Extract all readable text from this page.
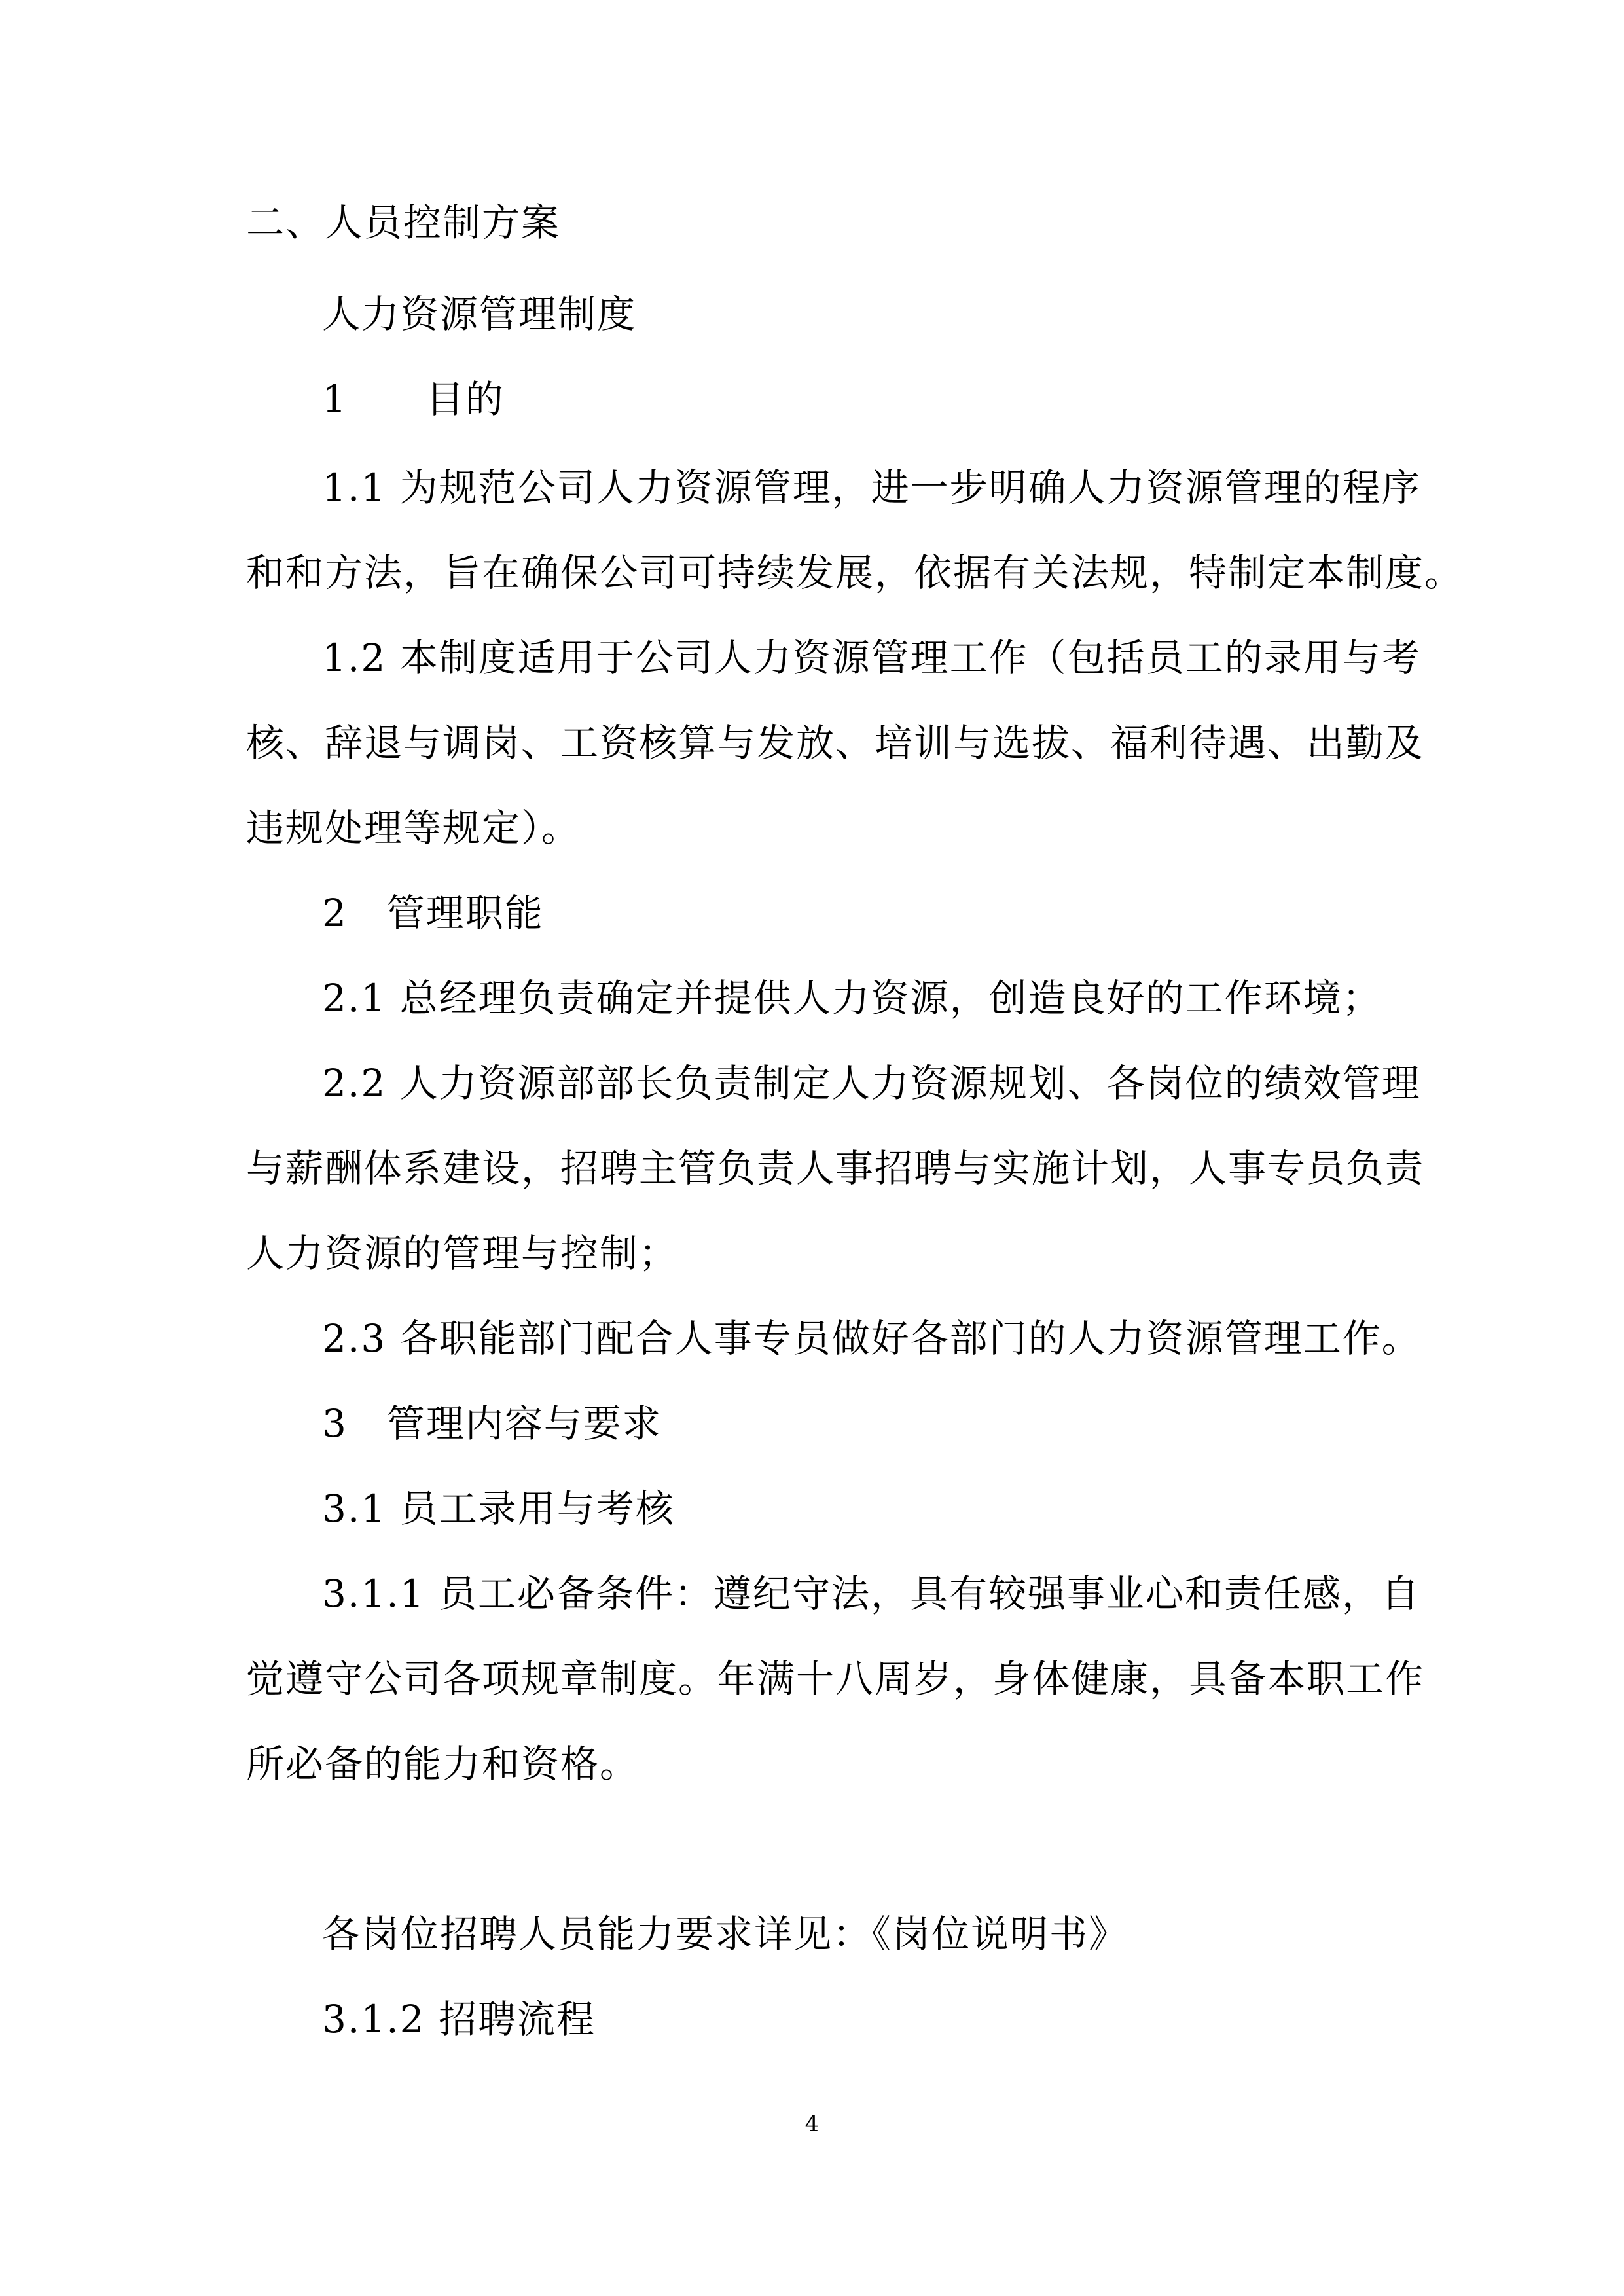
二、人员控制方案
人力资源管理制度
1　　目的
1.1 为规范公司人力资源管理，进一步明确人力资源管理的程序
和和方法，旨在确保公司可持续发展，依据有关法规，特制定本制度。
1.2 本制度适用于公司人力资源管理工作（包括员工的录用与考
核、辞退与调岗、工资核算与发放、培训与选拔、福利待遇、出勤及
违规处理等规定）。
2　管理职能
2.1 总经理负责确定并提供人力资源，创造良好的工作环境；
2.2 人力资源部部长负责制定人力资源规划、各岗位的绩效管理
与薪酬体系建设，招聘主管负责人事招聘与实施计划，人事专员负责
人力资源的管理与控制；
2.3 各职能部门配合人事专员做好各部门的人力资源管理工作。
3　管理内容与要求
3.1 员工录用与考核
3.1.1 员工必备条件：遵纪守法，具有较强事业心和责任感，自
觉遵守公司各项规章制度。年满十八周岁，身体健康，具备本职工作
所必备的能力和资格。
各岗位招聘人员能力要求详见：《岗位说明书》
3.1.2 招聘流程
4
